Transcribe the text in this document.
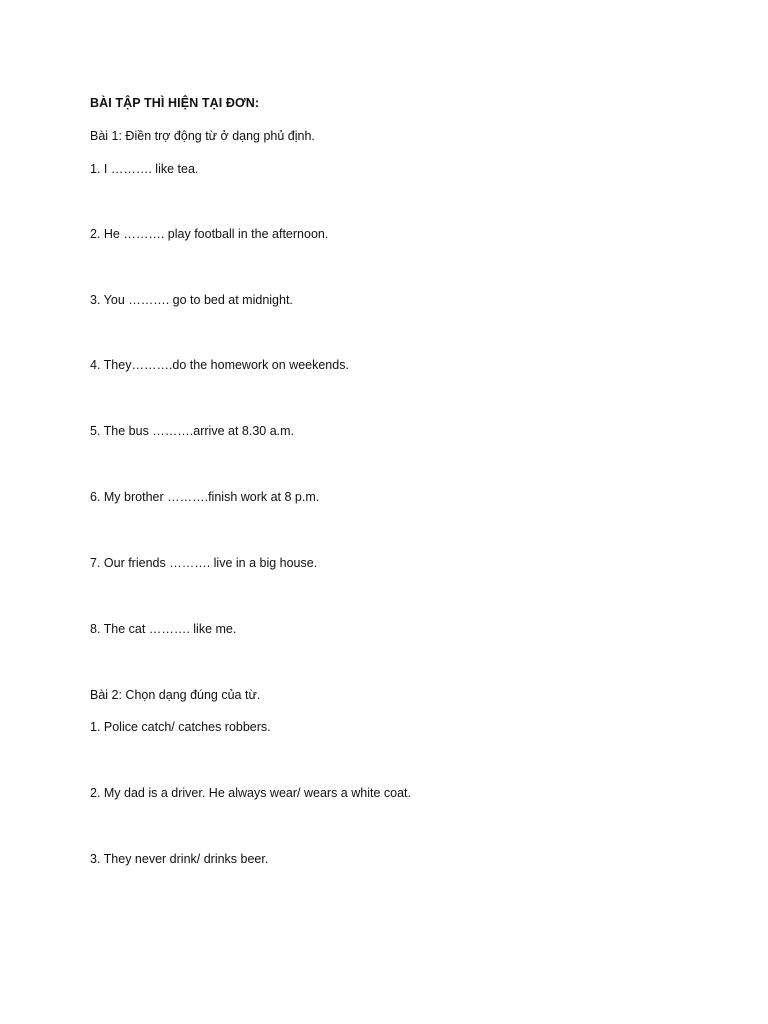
BÀI TẬP THÌ HIỆN TẠI ĐƠN:
Bài 1: Điền trợ động từ ở dạng phủ định.
1. I ………. like tea.
2. He ………. play football in the afternoon.
3. You ………. go to bed at midnight.
4. They……….do the homework on weekends.
5. The bus ……….arrive at 8.30 a.m.
6. My brother ……….finish work at 8 p.m.
7. Our friends ………. live in a big house.
8. The cat ………. like me.
Bài 2: Chọn dạng đúng của từ.
1. Police catch/ catches robbers.
2. My dad is a driver. He always wear/ wears a white coat.
3. They never drink/ drinks beer.
